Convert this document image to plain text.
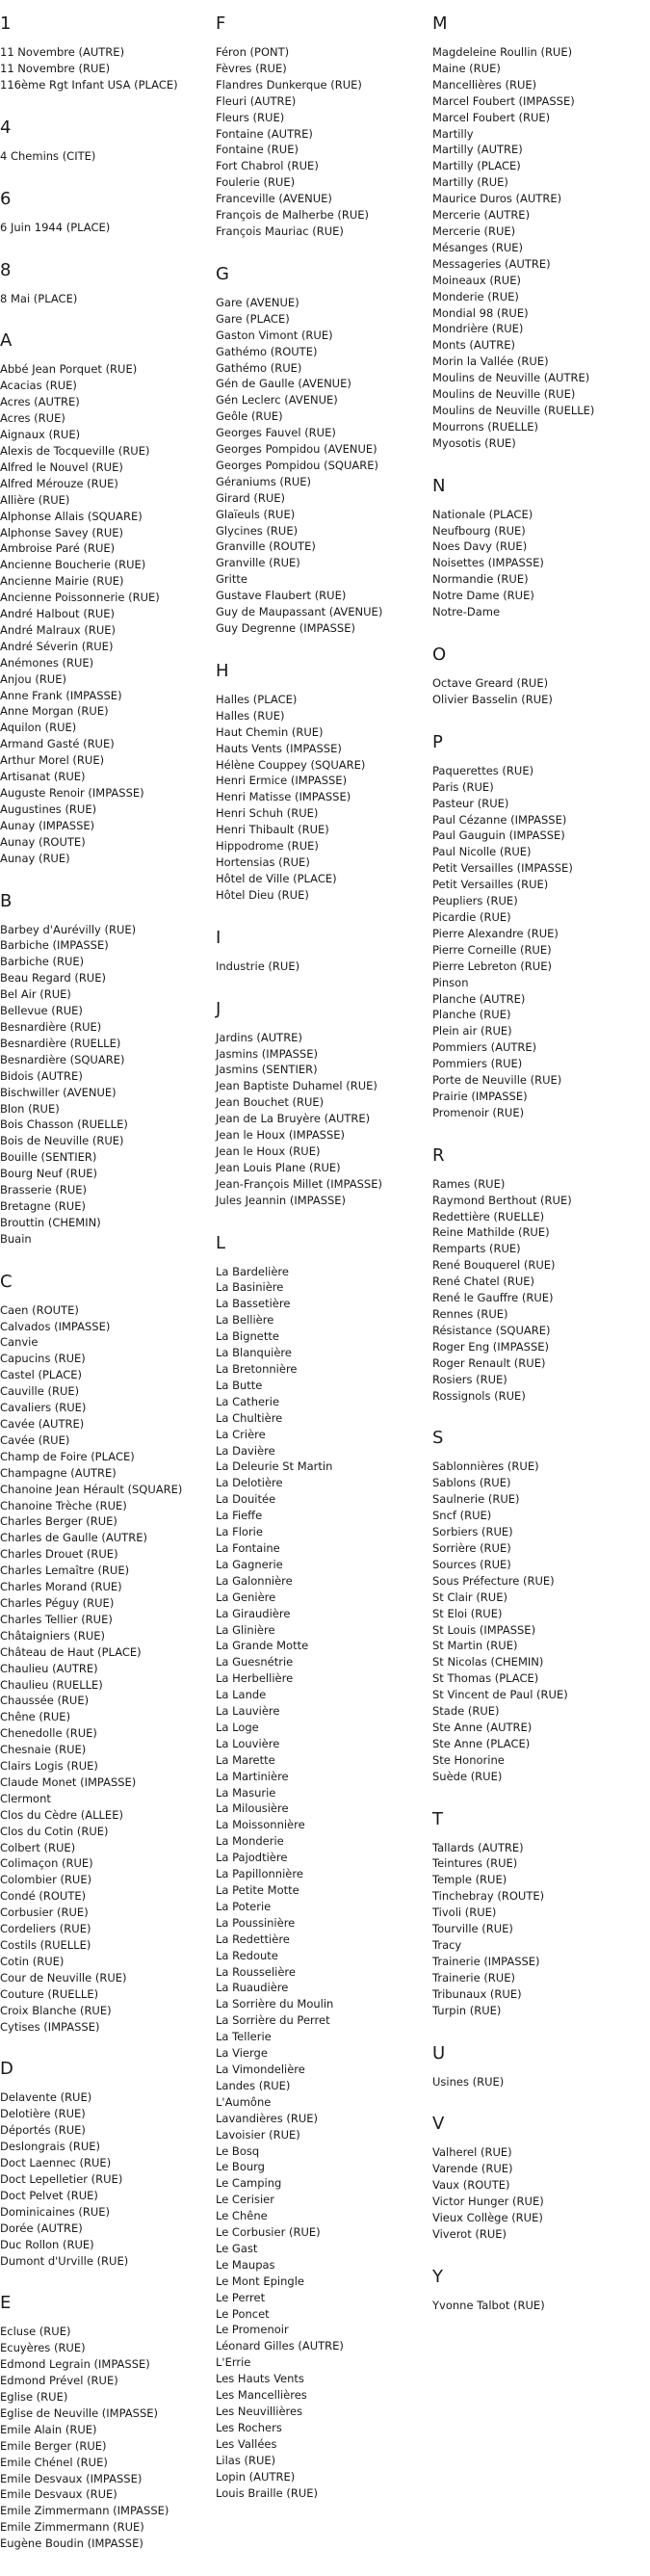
1
11 Novembre (AUTRE)
11 Novembre (RUE)
116ème Rgt Infant USA (PLACE)
4
4 Chemins (CITE)
6
6 Juin 1944 (PLACE)
8
8 Mai (PLACE)
A
Abbé Jean Porquet (RUE)
Acacias (RUE)
Acres (AUTRE)
Acres (RUE)
Aignaux (RUE)
Alexis de Tocqueville (RUE)
Alfred le Nouvel (RUE)
Alfred Mérouze (RUE)
Allière (RUE)
Alphonse Allais (SQUARE)
Alphonse Savey (RUE)
Ambroise Paré (RUE)
Ancienne Boucherie (RUE)
Ancienne Mairie (RUE)
Ancienne Poissonnerie (RUE)
André Halbout (RUE)
André Malraux (RUE)
André Séverin (RUE)
Anémones (RUE)
Anjou (RUE)
Anne Frank (IMPASSE)
Anne Morgan (RUE)
Aquilon (RUE)
Armand Gasté (RUE)
Arthur Morel (RUE)
Artisanat (RUE)
Auguste Renoir (IMPASSE)
Augustines (RUE)
Aunay (IMPASSE)
Aunay (ROUTE)
Aunay (RUE)
B
Barbey d'Aurévilly (RUE)
Barbiche (IMPASSE)
Barbiche (RUE)
Beau Regard (RUE)
Bel Air (RUE)
Bellevue (RUE)
Besnardière (RUE)
Besnardière (RUELLE)
Besnardière (SQUARE)
Bidois (AUTRE)
Bischwiller (AVENUE)
Blon (RUE)
Bois Chasson (RUELLE)
Bois de Neuville (RUE)
Bouille (SENTIER)
Bourg Neuf (RUE)
Brasserie (RUE)
Bretagne (RUE)
Brouttin (CHEMIN)
Buain
C
Caen (ROUTE)
Calvados (IMPASSE)
Canvie
Capucins (RUE)
Castel (PLACE)
Cauville (RUE)
Cavaliers (RUE)
Cavée (AUTRE)
Cavée (RUE)
Champ de Foire (PLACE)
Champagne (AUTRE)
Chanoine Jean Hérault (SQUARE)
Chanoine Trèche (RUE)
Charles Berger (RUE)
Charles de Gaulle (AUTRE)
Charles Drouet (RUE)
Charles Lemaître (RUE)
Charles Morand (RUE)
Charles Péguy (RUE)
Charles Tellier (RUE)
Châtaigniers (RUE)
Château de Haut (PLACE)
Chaulieu (AUTRE)
Chaulieu (RUELLE)
Chaussée (RUE)
Chêne (RUE)
Chenedolle (RUE)
Chesnaie (RUE)
Clairs Logis (RUE)
Claude Monet (IMPASSE)
Clermont
Clos du Cèdre (ALLEE)
Clos du Cotin (RUE)
Colbert (RUE)
Colimaçon (RUE)
Colombier (RUE)
Condé (ROUTE)
Corbusier (RUE)
Cordeliers (RUE)
Costils (RUELLE)
Cotin (RUE)
Cour de Neuville (RUE)
Couture (RUELLE)
Croix Blanche (RUE)
Cytises (IMPASSE)
D
Delavente (RUE)
Delotière (RUE)
Déportés (RUE)
Deslongrais (RUE)
Doct Laennec (RUE)
Doct Lepelletier (RUE)
Doct Pelvet (RUE)
Dominicaines (RUE)
Dorée (AUTRE)
Duc Rollon (RUE)
Dumont d'Urville (RUE)
E
Ecluse (RUE)
Ecuyères (RUE)
Edmond Legrain (IMPASSE)
Edmond Prével (RUE)
Eglise (RUE)
Eglise de Neuville (IMPASSE)
Emile Alain (RUE)
Emile Berger (RUE)
Emile Chénel (RUE)
Emile Desvaux (IMPASSE)
Emile Desvaux (RUE)
Emile Zimmermann (IMPASSE)
Emile Zimmermann (RUE)
Eugène Boudin (IMPASSE)
F
Féron (PONT)
Fèvres (RUE)
Flandres Dunkerque (RUE)
Fleuri (AUTRE)
Fleurs (RUE)
Fontaine (AUTRE)
Fontaine (RUE)
Fort Chabrol (RUE)
Foulerie (RUE)
Franceville (AVENUE)
François de Malherbe (RUE)
François Mauriac (RUE)
G
Gare (AVENUE)
Gare (PLACE)
Gaston Vimont (RUE)
Gathémo (ROUTE)
Gathémo (RUE)
Gén de Gaulle (AVENUE)
Gén Leclerc (AVENUE)
Geôle (RUE)
Georges Fauvel (RUE)
Georges Pompidou (AVENUE)
Georges Pompidou (SQUARE)
Géraniums (RUE)
Girard (RUE)
Glaïeuls (RUE)
Glycines (RUE)
Granville (ROUTE)
Granville (RUE)
Gritte
Gustave Flaubert (RUE)
Guy de Maupassant (AVENUE)
Guy Degrenne (IMPASSE)
H
Halles (PLACE)
Halles (RUE)
Haut Chemin (RUE)
Hauts Vents (IMPASSE)
Hélène Couppey (SQUARE)
Henri Ermice (IMPASSE)
Henri Matisse (IMPASSE)
Henri Schuh (RUE)
Henri Thibault (RUE)
Hippodrome (RUE)
Hortensias (RUE)
Hôtel de Ville (PLACE)
Hôtel Dieu (RUE)
I
Industrie (RUE)
J
Jardins (AUTRE)
Jasmins (IMPASSE)
Jasmins (SENTIER)
Jean Baptiste Duhamel (RUE)
Jean Bouchet (RUE)
Jean de La Bruyère (AUTRE)
Jean le Houx (IMPASSE)
Jean le Houx (RUE)
Jean Louis Plane (RUE)
Jean-François Millet (IMPASSE)
Jules Jeannin (IMPASSE)
L
La Bardelière
La Basinière
La Bassetière
La Bellière
La Bignette
La Blanquière
La Bretonnière
La Butte
La Catherie
La Chultière
La Crière
La Davière
La Deleurie St Martin
La Delotière
La Douitée
La Fieffe
La Florie
La Fontaine
La Gagnerie
La Galonnière
La Genière
La Giraudière
La Glinière
La Grande Motte
La Guesnétrie
La Herbellière
La Lande
La Lauvière
La Loge
La Louvière
La Marette
La Martinière
La Masurie
La Milousière
La Moissonnière
La Monderie
La Pajodtière
La Papillonnière
La Petite Motte
La Poterie
La Poussinière
La Redettière
La Redoute
La Rousselière
La Ruaudière
La Sorrière du Moulin
La Sorrière du Perret
La Tellerie
La Vierge
La Vimondelière
Landes (RUE)
L'Aumône
Lavandières (RUE)
Lavoisier (RUE)
Le Bosq
Le Bourg
Le Camping
Le Cerisier
Le Chêne
Le Corbusier (RUE)
Le Gast
Le Maupas
Le Mont Epingle
Le Perret
Le Poncet
Le Promenoir
Léonard Gilles (AUTRE)
L'Errie
Les Hauts Vents
Les Mancellières
Les Neuvillières
Les Rochers
Les Vallées
Lilas (RUE)
Lopin (AUTRE)
Louis Braille (RUE)
M
Magdeleine Roullin (RUE)
Maine (RUE)
Mancellières (RUE)
Marcel Foubert (IMPASSE)
Marcel Foubert (RUE)
Martilly
Martilly (AUTRE)
Martilly (PLACE)
Martilly (RUE)
Maurice Duros (AUTRE)
Mercerie (AUTRE)
Mercerie (RUE)
Mésanges (RUE)
Messageries (AUTRE)
Moineaux (RUE)
Monderie (RUE)
Mondial 98 (RUE)
Mondrière (RUE)
Monts (AUTRE)
Morin la Vallée (RUE)
Moulins de Neuville (AUTRE)
Moulins de Neuville (RUE)
Moulins de Neuville (RUELLE)
Mourrons (RUELLE)
Myosotis (RUE)
N
Nationale (PLACE)
Neufbourg (RUE)
Noes Davy (RUE)
Noisettes (IMPASSE)
Normandie (RUE)
Notre Dame (RUE)
Notre-Dame
O
Octave Greard (RUE)
Olivier Basselin (RUE)
P
Paquerettes (RUE)
Paris (RUE)
Pasteur (RUE)
Paul Cézanne (IMPASSE)
Paul Gauguin (IMPASSE)
Paul Nicolle (RUE)
Petit Versailles (IMPASSE)
Petit Versailles (RUE)
Peupliers (RUE)
Picardie (RUE)
Pierre Alexandre (RUE)
Pierre Corneille (RUE)
Pierre Lebreton (RUE)
Pinson
Planche (AUTRE)
Planche (RUE)
Plein air (RUE)
Pommiers (AUTRE)
Pommiers (RUE)
Porte de Neuville (RUE)
Prairie (IMPASSE)
Promenoir (RUE)
R
Rames (RUE)
Raymond Berthout (RUE)
Redettière (RUELLE)
Reine Mathilde (RUE)
Remparts (RUE)
René Bouquerel (RUE)
René Chatel (RUE)
René le Gauffre (RUE)
Rennes (RUE)
Résistance (SQUARE)
Roger Eng (IMPASSE)
Roger Renault (RUE)
Rosiers (RUE)
Rossignols (RUE)
S
Sablonnières (RUE)
Sablons (RUE)
Saulnerie (RUE)
Sncf (RUE)
Sorbiers (RUE)
Sorrière (RUE)
Sources (RUE)
Sous Préfecture (RUE)
St Clair (RUE)
St Eloi (RUE)
St Louis (IMPASSE)
St Martin (RUE)
St Nicolas (CHEMIN)
St Thomas (PLACE)
St Vincent de Paul (RUE)
Stade (RUE)
Ste Anne (AUTRE)
Ste Anne (PLACE)
Ste Honorine
Suède (RUE)
T
Tallards (AUTRE)
Teintures (RUE)
Temple (RUE)
Tinchebray (ROUTE)
Tivoli (RUE)
Tourville (RUE)
Tracy
Trainerie (IMPASSE)
Trainerie (RUE)
Tribunaux (RUE)
Turpin (RUE)
U
Usines (RUE)
V
Valherel (RUE)
Varende (RUE)
Vaux (ROUTE)
Victor Hunger (RUE)
Vieux Collège (RUE)
Viverot (RUE)
Y
Yvonne Talbot (RUE)
